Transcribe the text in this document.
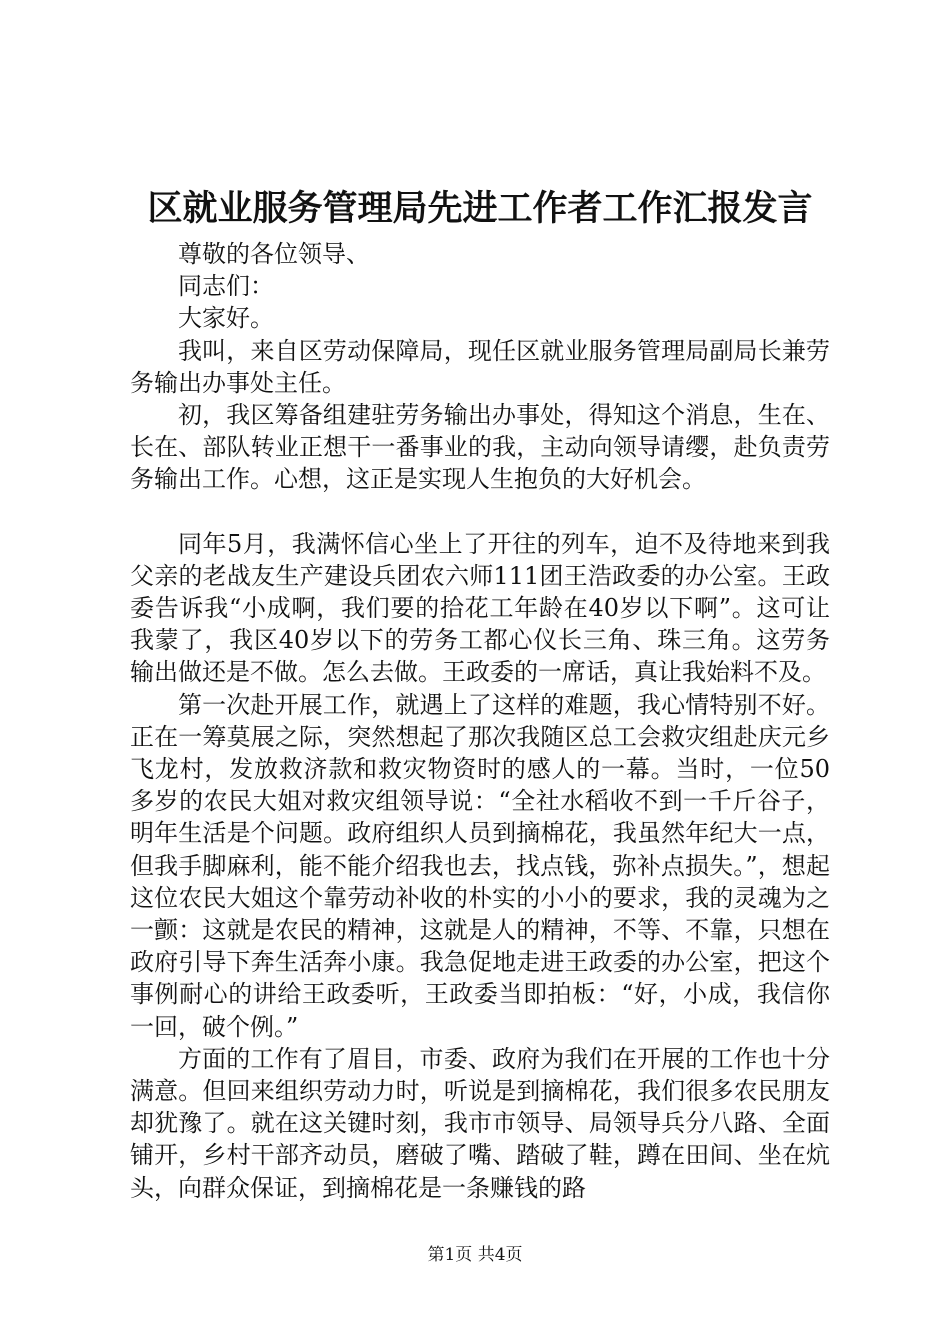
区就业服务管理局先进工作者工作汇报发言

尊敬的各位领导、

同志们：

大家好。

我叫，来自区劳动保障局，现任区就业服务管理局副局长兼劳务输出办事处主任。

初，我区筹备组建驻劳务输出办事处，得知这个消息，生在、长在、部队转业正想干一番事业的我，主动向领导请缨，赴负责劳务输出工作。心想，这正是实现人生抱负的大好机会。

同年5月，我满怀信心坐上了开往的列车，迫不及待地来到我父亲的老战友生产建设兵团农六师111团王浩政委的办公室。王政委告诉我“小成啊，我们要的拾花工年龄在40岁以下啊”。这可让我蒙了，我区40岁以下的劳务工都心仪长三角、珠三角。这劳务输出做还是不做。怎么去做。王政委的一席话，真让我始料不及。

第一次赴开展工作，就遇上了这样的难题，我心情特别不好。正在一筹莫展之际，突然想起了那次我随区总工会救灾组赴庆元乡飞龙村，发放救济款和救灾物资时的感人的一幕。当时，一位50多岁的农民大姐对救灾组领导说：“全社水稻收不到一千斤谷子，明年生活是个问题。政府组织人员到摘棉花，我虽然年纪大一点，但我手脚麻利，能不能介绍我也去，找点钱，弥补点损失。”，想起这位农民大姐这个靠劳动补收的朴实的小小的要求，我的灵魂为之一颤：这就是农民的精神，这就是人的精神，不等、不靠，只想在政府引导下奔生活奔小康。我急促地走进王政委的办公室，把这个事例耐心的讲给王政委听，王政委当即拍板：“好，小成，我信你一回，破个例。”

方面的工作有了眉目，市委、政府为我们在开展的工作也十分满意。但回来组织劳动力时，听说是到摘棉花，我们很多农民朋友却犹豫了。就在这关键时刻，我市市领导、局领导兵分八路、全面铺开，乡村干部齐动员，磨破了嘴、踏破了鞋，蹲在田间、坐在炕头，向群众保证，到摘棉花是一条赚钱的路

第1页 共4页
